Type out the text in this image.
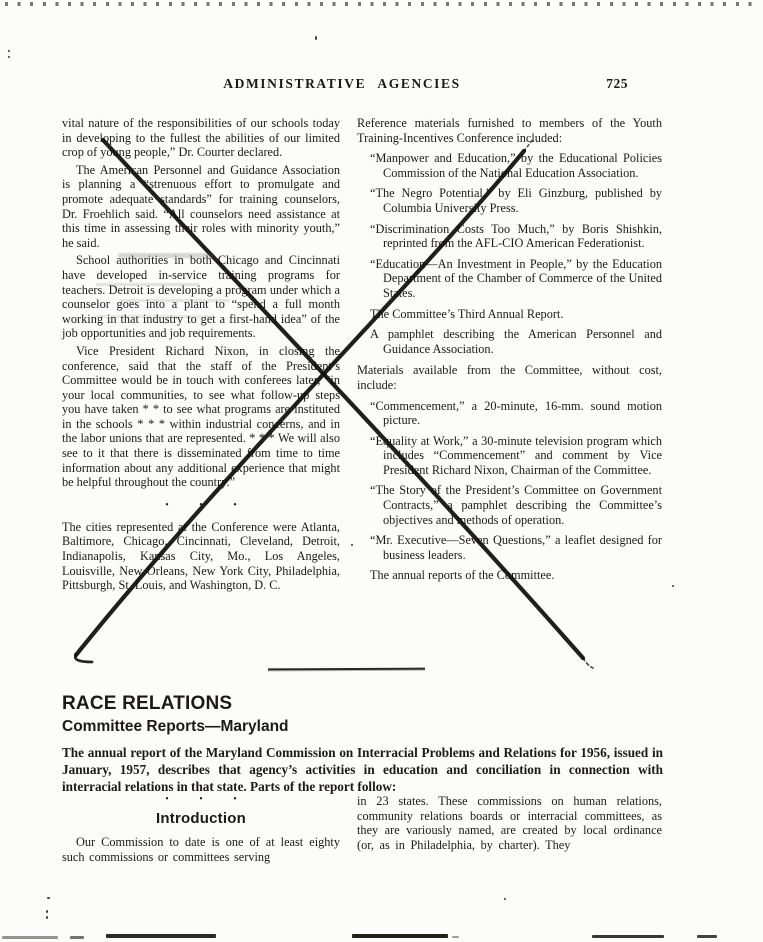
ADMINISTRATIVE AGENCIES	725

vital nature of the responsibilities of our schools today in developing to the fullest the abilities of our limited crop of young people,” Dr. Courter declared.

The American Personnel and Guidance Association is planning a “strenuous effort to promulgate and promote adequate standards” for training counselors, Dr. Froehlich said. “All counselors need assistance at this time in assessing their roles with minority youth,” he said.

School authorities in both Chicago and Cincinnati have developed in-service training programs for teachers. Detroit is developing a program under which a counselor goes into a plant to “spend a full month working in that industry to get a first-hand idea” of the job opportunities and job requirements.

Vice President Richard Nixon, in closing the conference, said that the staff of the President’s Committee would be in touch with conferees later, “in your local communities, to see what follow-up steps you have taken * * to see what programs are instituted in the schools * * * within industrial concerns, and in the labor unions that are represented. * * * We will also see to it that there is disseminated from time to time information about any additional experience that might be helpful throughout the country.”

• • •

The cities represented at the Conference were Atlanta, Baltimore, Chicago, Cincinnati, Cleveland, Detroit, Indianapolis, Kansas City, Mo., Los Angeles, Louisville, New Orleans, New York City, Philadelphia, Pittsburgh, St. Louis, and Washington, D. C.

Reference materials furnished to members of the Youth Training-Incentives Conference included:

“Manpower and Education,” by the Educational Policies Commission of the National Education Association.

“The Negro Potential,” by Eli Ginzburg, published by Columbia University Press.

“Discrimination Costs Too Much,” by Boris Shishkin, reprinted from the AFL-CIO American Federationist.

“Education—An Investment in People,” by the Education Department of the Chamber of Commerce of the United States.

The Committee’s Third Annual Report.

A pamphlet describing the American Personnel and Guidance Association.

Materials available from the Committee, without cost, include:

“Commencement,” a 20-minute, 16-mm. sound motion picture.

“Equality at Work,” a 30-minute television program which includes “Commencement” and comment by Vice President Richard Nixon, Chairman of the Committee.

“The Story of the President’s Committee on Government Contracts,” a pamphlet describing the Committee’s objectives and methods of operation.

“Mr. Executive—Seven Questions,” a leaflet designed for business leaders.

The annual reports of the Committee.

RACE RELATIONS
Committee Reports—Maryland

The annual report of the Maryland Commission on Interracial Problems and Relations for 1956, issued in January, 1957, describes that agency’s activities in education and conciliation in connection with interracial relations in that state. Parts of the report follow:

• • •
Introduction

Our Commission to date is one of at least eighty such commissions or committees serving

in 23 states. These commissions on human relations, community relations boards or interracial committees, as they are variously named, are created by local ordinance (or, as in Philadelphia, by charter). They
